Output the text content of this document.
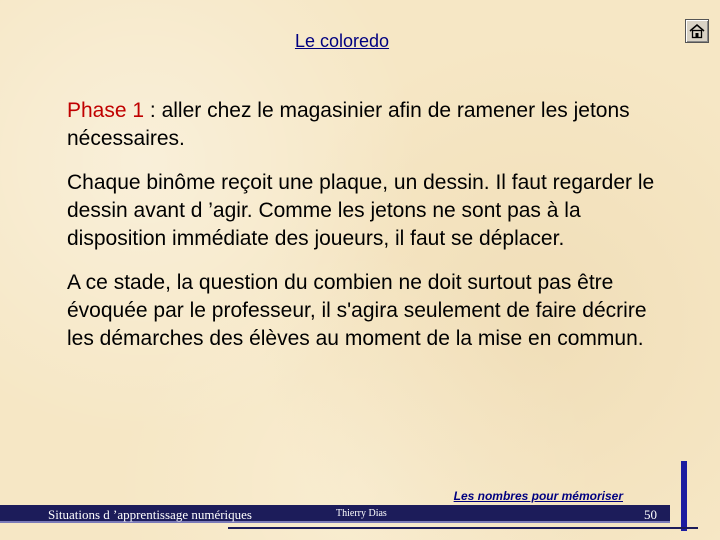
Le coloredo

Phase 1 : aller chez le magasinier afin de ramener les jetons nécessaires.

Chaque binôme reçoit une plaque, un dessin. Il faut regarder le dessin avant d ’agir. Comme les jetons ne sont pas à la disposition immédiate des joueurs, il faut se déplacer.

A ce stade, la question du combien ne doit surtout pas être évoquée par le professeur, il s'agira seulement de faire décrire les démarches des élèves au moment de la mise en commun.

Les nombres pour mémoriser
Situations d ’apprentissage numériques	Thierry Dias	50
